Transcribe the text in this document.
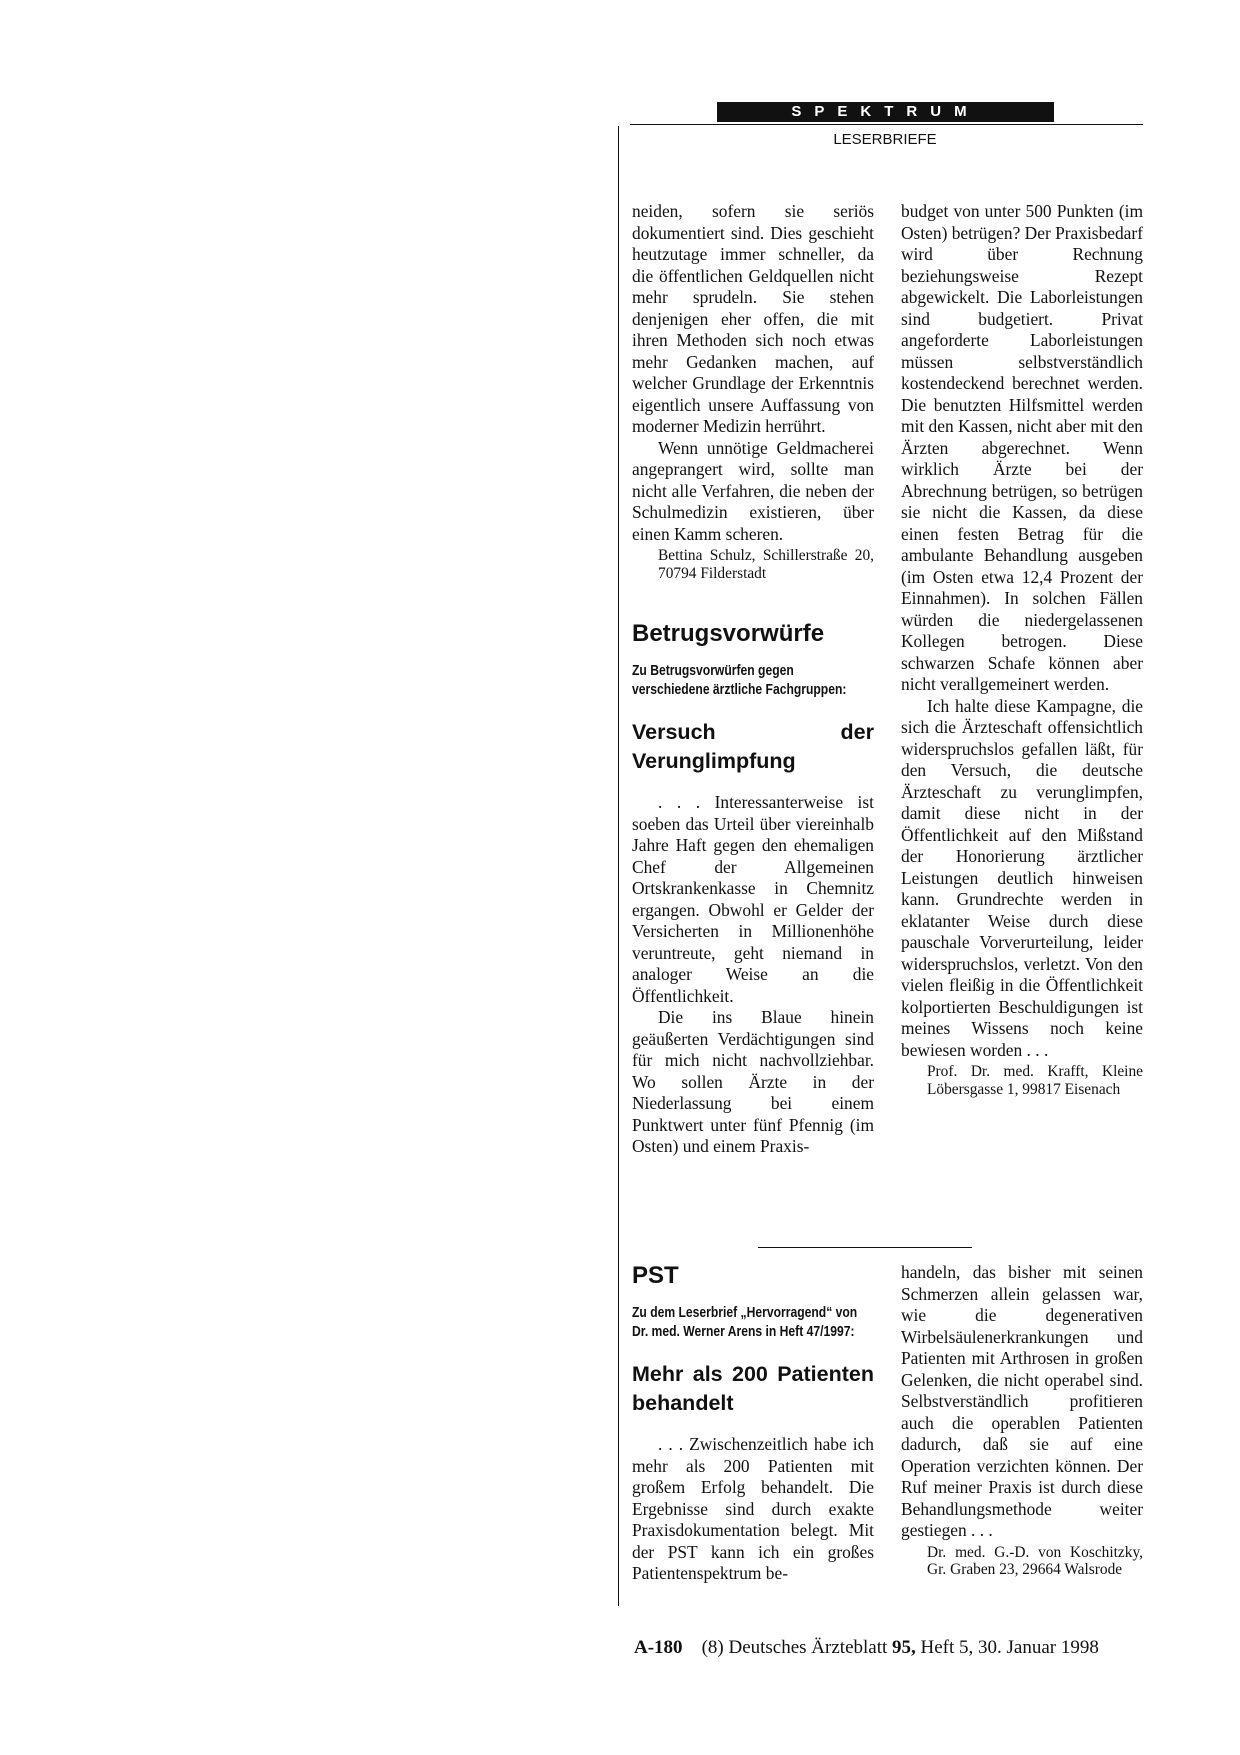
SPEKTRUM
LESERBRIEFE

neiden, sofern sie seriös dokumentiert sind. Dies geschieht heutzutage immer schneller, da die öffentlichen Geldquellen nicht mehr sprudeln. Sie stehen denjenigen eher offen, die mit ihren Methoden sich noch etwas mehr Gedanken machen, auf welcher Grundlage der Erkenntnis eigentlich unsere Auffassung von moderner Medizin herrührt.

Wenn unnötige Geldmacherei angeprangert wird, sollte man nicht alle Verfahren, die neben der Schulmedizin existieren, über einen Kamm scheren.

Bettina Schulz, Schillerstraße 20, 70794 Filderstadt
Betrugsvorwürfe
Zu Betrugsvorwürfen gegen verschiedene ärztliche Fachgruppen:
Versuch der Verunglimpfung

. . . Interessanterweise ist soeben das Urteil über viereinhalb Jahre Haft gegen den ehemaligen Chef der Allgemeinen Ortskrankenkasse in Chemnitz ergangen. Obwohl er Gelder der Versicherten in Millionenhöhe veruntreute, geht niemand in analoger Weise an die Öffentlichkeit.

Die ins Blaue hinein geäußerten Verdächtigungen sind für mich nicht nachvollziehbar. Wo sollen Ärzte in der Niederlassung bei einem Punktwert unter fünf Pfennig (im Osten) und einem Praxis-

budget von unter 500 Punkten (im Osten) betrügen? Der Praxisbedarf wird über Rechnung beziehungsweise Rezept abgewickelt. Die Laborleistungen sind budgetiert. Privat angeforderte Laborleistungen müssen selbstverständlich kostendeckend berechnet werden. Die benutzten Hilfsmittel werden mit den Kassen, nicht aber mit den Ärzten abgerechnet. Wenn wirklich Ärzte bei der Abrechnung betrügen, so betrügen sie nicht die Kassen, da diese einen festen Betrag für die ambulante Behandlung ausgeben (im Osten etwa 12,4 Prozent der Einnahmen). In solchen Fällen würden die niedergelassenen Kollegen betrogen. Diese schwarzen Schafe können aber nicht verallgemeinert werden.

Ich halte diese Kampagne, die sich die Ärzteschaft offensichtlich widerspruchslos gefallen läßt, für den Versuch, die deutsche Ärzteschaft zu verunglimpfen, damit diese nicht in der Öffentlichkeit auf den Mißstand der Honorierung ärztlicher Leistungen deutlich hinweisen kann. Grundrechte werden in eklatanter Weise durch diese pauschale Vorverurteilung, leider widerspruchslos, verletzt. Von den vielen fleißig in die Öffentlichkeit kolportierten Beschuldigungen ist meines Wissens noch keine bewiesen worden . . .

Prof. Dr. med. Krafft, Kleine Löbersgasse 1, 99817 Eisenach
PST
Zu dem Leserbrief „Hervorragend“ von Dr. med. Werner Arens in Heft 47/1997:
Mehr als 200 Patienten behandelt

. . . Zwischenzeitlich habe ich mehr als 200 Patienten mit großem Erfolg behandelt. Die Ergebnisse sind durch exakte Praxisdokumentation belegt. Mit der PST kann ich ein großes Patientenspektrum be-

handeln, das bisher mit seinen Schmerzen allein gelassen war, wie die degenerativen Wirbelsäulenerkrankungen und Patienten mit Arthrosen in großen Gelenken, die nicht operabel sind. Selbstverständlich profitieren auch die operablen Patienten dadurch, daß sie auf eine Operation verzichten können. Der Ruf meiner Praxis ist durch diese Behandlungsmethode weiter gestiegen . . .

Dr. med. G.-D. von Koschitzky, Gr. Graben 23, 29664 Walsrode
A-180 (8) Deutsches Ärzteblatt 95, Heft 5, 30. Januar 1998
